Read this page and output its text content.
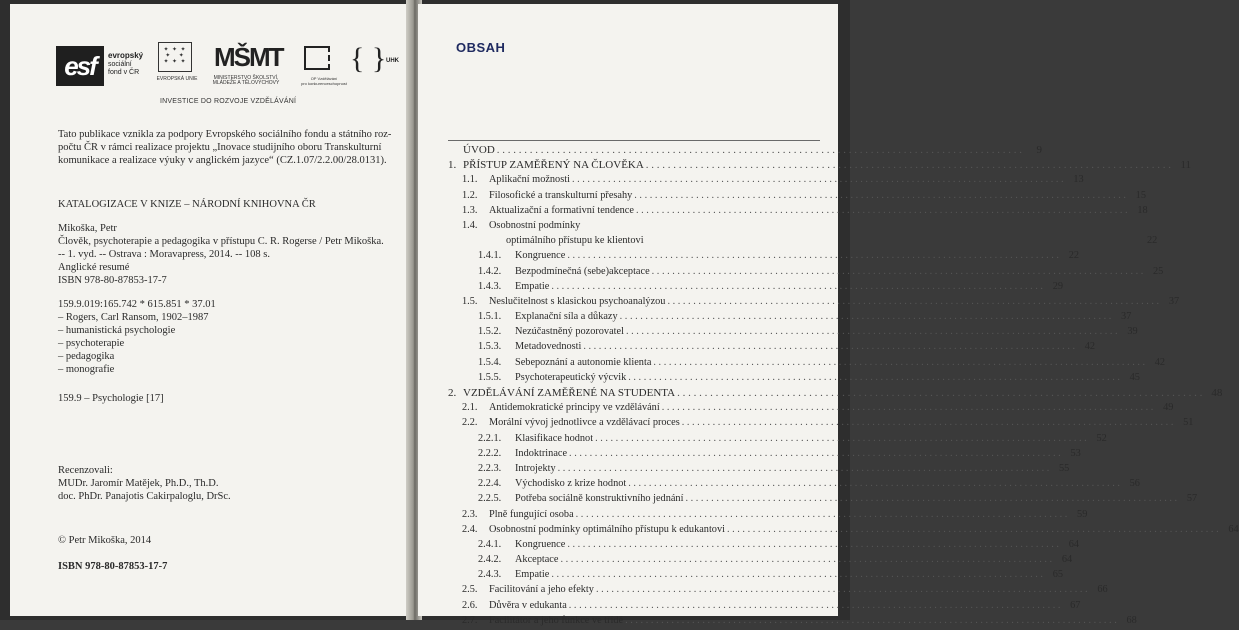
esf	evropský
sociální
fond v ČR
✦ ✦ ✦
✦   ✦
✦ ✦ ✦
EVROPSKÁ UNIE
MŠMT
MINISTERSTVO ŠKOLSTVÍ,
MLÁDEŽE A TĚLOVÝCHOVY
OP Vzdělávání
pro konkurenceschopnost
{ } UHK
INVESTICE DO ROZVOJE VZDĚLÁVÁNÍ
Tato publikace vznikla za podpory Evropského sociálního fondu a státního roz-
počtu ČR v rámci realizace projektu „Inovace studijního oboru Transkulturní
komunikace a realizace výuky v anglickém jazyce“ (CZ.1.07/2.2.00/28.0131).
KATALOGIZACE V KNIZE – NÁRODNÍ KNIHOVNA ČR
Mikoška, Petr
Člověk, psychoterapie a pedagogika v přístupu C. R. Rogerse / Petr Mikoška.
-- 1. vyd. -- Ostrava : Moravapress, 2014. -- 108 s.
Anglické resumé
ISBN 978-80-87853-17-7
159.9.019:165.742 * 615.851 * 37.01
– Rogers, Carl Ransom, 1902–1987
– humanistická psychologie
– psychoterapie
– pedagogika
– monografie
159.9 – Psychologie [17]
Recenzovali:
MUDr. Jaromír Matějek, Ph.D., Th.D.
doc. PhDr. Panajotis Cakirpaloglu, DrSc.
© Petr Mikoška, 2014
ISBN 978-80-87853-17-7
OBSAH
ÚVOD . . .	9
1. PŘÍSTUP ZAMĚŘENÝ NA ČLOVĚKA . . .	11
1.1.	Aplikační možnosti . . .	13
1.2.	Filosofické a transkulturní přesahy . . .	15
1.3.	Aktualizační a formativní tendence . . .	18
1.4.	Osobnostní podmínky
optimálního přístupu ke klientovi	22
1.4.1.	Kongruence . . .	22
1.4.2.	Bezpodmínečná (sebe)akceptace . . .	25
1.4.3.	Empatie . . .	29
1.5.	Neslučitelnost s klasickou psychoanalýzou . . .	37
1.5.1.	Explanační síla a důkazy . . .	37
1.5.2.	Nezúčastněný pozorovatel . . .	39
1.5.3.	Metadovednosti . . .	42
1.5.4.	Sebepoznání a autonomie klienta . . .	42
1.5.5.	Psychoterapeutický výcvik . . .	45
2. VZDĚLÁVÁNÍ ZAMĚŘENÉ NA STUDENTA . . .	48
2.1.	Antidemokratické principy ve vzdělávání . . .	49
2.2.	Morální vývoj jednotlivce a vzdělávací proces . . .	51
2.2.1.	Klasifikace hodnot . . .	52
2.2.2.	Indoktrinace . . .	53
2.2.3.	Introjekty . . .	55
2.2.4.	Východisko z krize hodnot . . .	56
2.2.5.	Potřeba sociálně konstruktivního jednání . . .	57
2.3.	Plně fungující osoba . . .	59
2.4.	Osobnostní podmínky optimálního přístupu k edukantovi . . .	64
2.4.1.	Kongruence . . .	64
2.4.2.	Akceptace . . .	64
2.4.3.	Empatie . . .	65
2.5.	Facilitování a jeho efekty . . .	66
2.6.	Důvěra v edukanta . . .	67
2.7.	Facilitátor a jeho funkce ve třídě . . .	68
